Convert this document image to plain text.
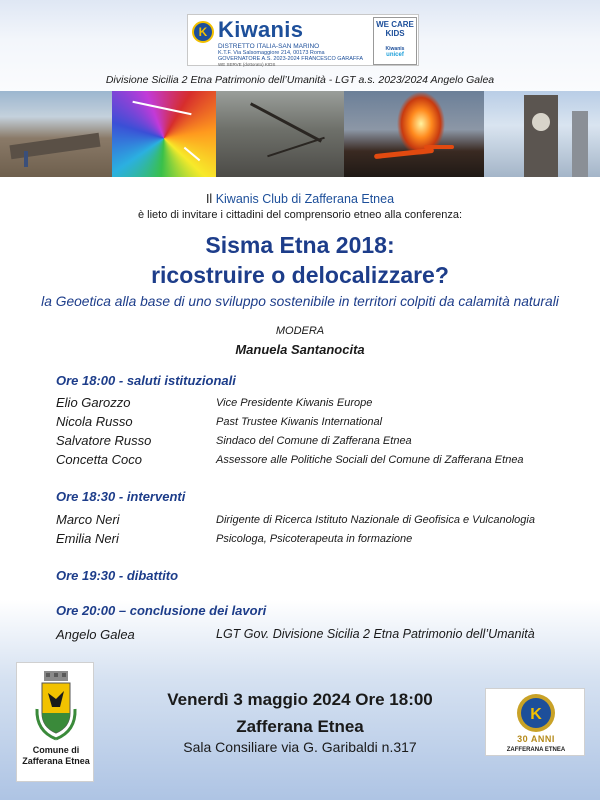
K Kiwanis
DISTRETTO ITALIA-SAN MARINO
K.T.F. Via Salsomaggiore 214, 00173 Roma
GOVERNATORE A.S. 2023-2024 FRANCESCO GARAFFA
WE SERVE (dottorato) KIDS
WE CARE KIDS
Kiwanis
unicef
Divisione Sicilia 2 Etna Patrimonio dell’Umanità - LGT a.s. 2023/2024 Angelo Galea
Il Kiwanis Club di Zafferana Etnea
è lieto di invitare i cittadini del comprensorio etneo alla conferenza:
Sisma Etna 2018:
ricostruire o delocalizzare?
la Geoetica alla base di uno sviluppo sostenibile in territori colpiti da calamità naturali
MODERA
Manuela Santanocita
Ore 18:00 - saluti istituzionali
Elio Garozzo	Vice Presidente Kiwanis Europe
Nicola Russo	Past Trustee Kiwanis International
Salvatore Russo	Sindaco del Comune di Zafferana Etnea
Concetta Coco	Assessore alle Politiche Sociali del Comune di Zafferana Etnea
Ore 18:30 - interventi
Marco Neri	Dirigente di Ricerca Istituto Nazionale di Geofisica e Vulcanologia
Emilia Neri	Psicologa, Psicoterapeuta in formazione
Ore 19:30 - dibattito
Ore 20:00 – conclusione dei lavori
Angelo Galea	LGT Gov. Divisione Sicilia 2 Etna Patrimonio dell’Umanità
Comune di Zafferana Etnea
Venerdì 3 maggio 2024 Ore 18:00
Zafferana Etnea
Sala Consiliare via G. Garibaldi n.317
K
30 ANNI
ZAFFERANA ETNEA
